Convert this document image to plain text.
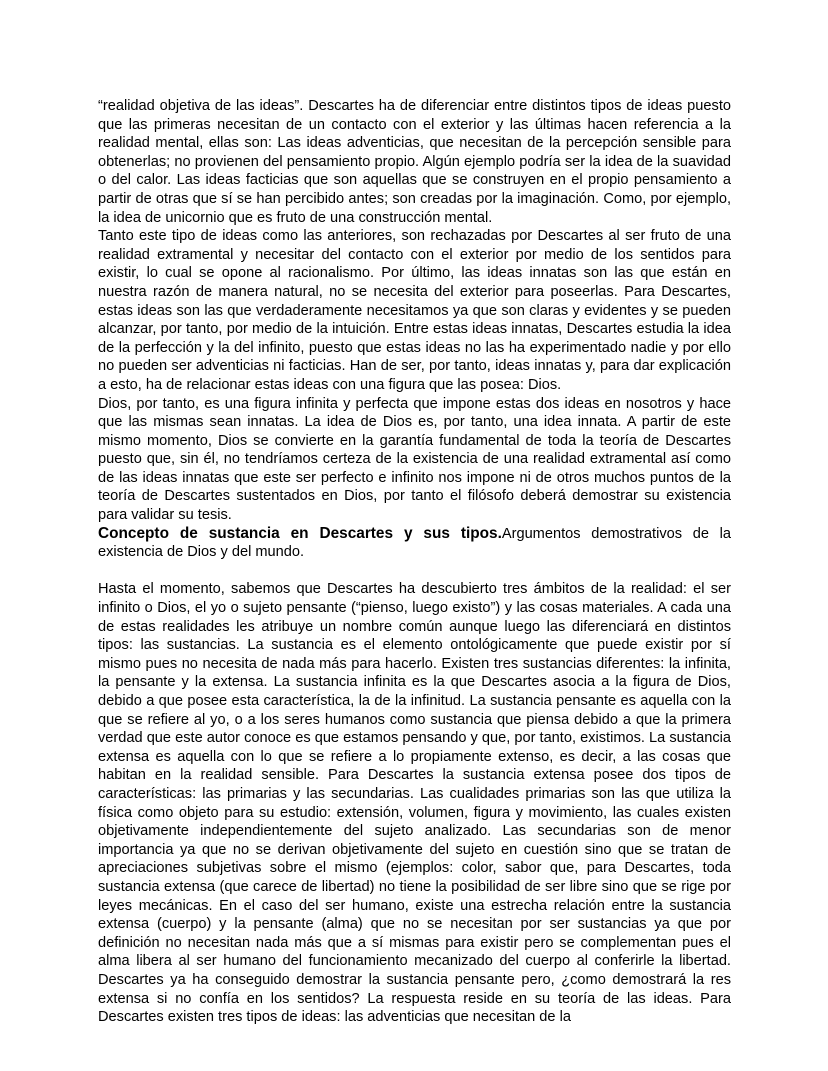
“realidad objetiva de las ideas”. Descartes ha de diferenciar entre distintos tipos de ideas puesto que las primeras necesitan de un contacto con el exterior y las últimas hacen referencia a la realidad mental, ellas son: Las ideas adventicias, que necesitan de la percepción sensible para obtenerlas; no provienen del pensamiento propio. Algún ejemplo podría ser la idea de la suavidad o del calor. Las ideas facticias que son aquellas que se construyen en el propio pensamiento a partir de otras que sí se han percibido antes; son creadas por la imaginación. Como, por ejemplo, la idea de unicornio que es fruto de una construcción mental.

Tanto este tipo de ideas como las anteriores, son rechazadas por Descartes al ser fruto de una realidad extramental y necesitar del contacto con el exterior por medio de los sentidos para existir, lo cual se opone al racionalismo. Por último, las ideas innatas son las que están en nuestra razón de manera natural, no se necesita del exterior para poseerlas. Para Descartes, estas ideas son las que verdaderamente necesitamos ya que son claras y evidentes y se pueden alcanzar, por tanto, por medio de la intuición. Entre estas ideas innatas, Descartes estudia la idea de la perfección y la del infinito, puesto que estas ideas no las ha experimentado nadie y por ello no pueden ser adventicias ni facticias. Han de ser, por tanto, ideas innatas y, para dar explicación a esto, ha de relacionar estas ideas con una figura que las posea: Dios.

Dios, por tanto, es una figura infinita y perfecta que impone estas dos ideas en nosotros y hace que las mismas sean innatas. La idea de Dios es, por tanto, una idea innata. A partir de este mismo momento, Dios se convierte en la garantía fundamental de toda la teoría de Descartes puesto que, sin él, no tendríamos certeza de la existencia de una realidad extramental así como de las ideas innatas que este ser perfecto e infinito nos impone ni de otros muchos puntos de la teoría de Descartes sustentados en Dios, por tanto el filósofo deberá demostrar su existencia para validar su tesis.

Concepto de sustancia en Descartes y sus tipos.Argumentos demostrativos de la existencia de Dios y del mundo.

Hasta el momento, sabemos que Descartes ha descubierto tres ámbitos de la realidad: el ser infinito o Dios, el yo o sujeto pensante (“pienso, luego existo”) y las cosas materiales. A cada una de estas realidades les atribuye un nombre común aunque luego las diferenciará en distintos tipos: las sustancias. La sustancia es el elemento ontológicamente que puede existir por sí mismo pues no necesita de nada más para hacerlo. Existen tres sustancias diferentes: la infinita, la pensante y la extensa. La sustancia infinita es la que Descartes asocia a la figura de Dios, debido a que posee esta característica, la de la infinitud. La sustancia pensante es aquella con la que se refiere al yo, o a los seres humanos como sustancia que piensa debido a que la primera verdad que este autor conoce es que estamos pensando y que, por tanto, existimos. La sustancia extensa es aquella con lo que se refiere a lo propiamente extenso, es decir, a las cosas que habitan en la realidad sensible. Para Descartes la sustancia extensa posee dos tipos de características: las primarias y las secundarias. Las cualidades primarias son las que utiliza la física como objeto para su estudio: extensión, volumen, figura y movimiento, las cuales existen objetivamente independientemente del sujeto analizado. Las secundarias son de menor importancia ya que no se derivan objetivamente del sujeto en cuestión sino que se tratan de apreciaciones subjetivas sobre el mismo (ejemplos: color, sabor que, para Descartes, toda sustancia extensa (que carece de libertad) no tiene la posibilidad de ser libre sino que se rige por leyes mecánicas. En el caso del ser humano, existe una estrecha relación entre la sustancia extensa (cuerpo) y la pensante (alma) que no se necesitan por ser sustancias ya que por definición no necesitan nada más que a sí mismas para existir pero se complementan pues el alma libera al ser humano del funcionamiento mecanizado del cuerpo al conferirle la libertad. Descartes ya ha conseguido demostrar la sustancia pensante pero, ¿como demostrará la res extensa si no confía en los sentidos? La respuesta reside en su teoría de las ideas. Para Descartes existen tres tipos de ideas: las adventicias que necesitan de la
